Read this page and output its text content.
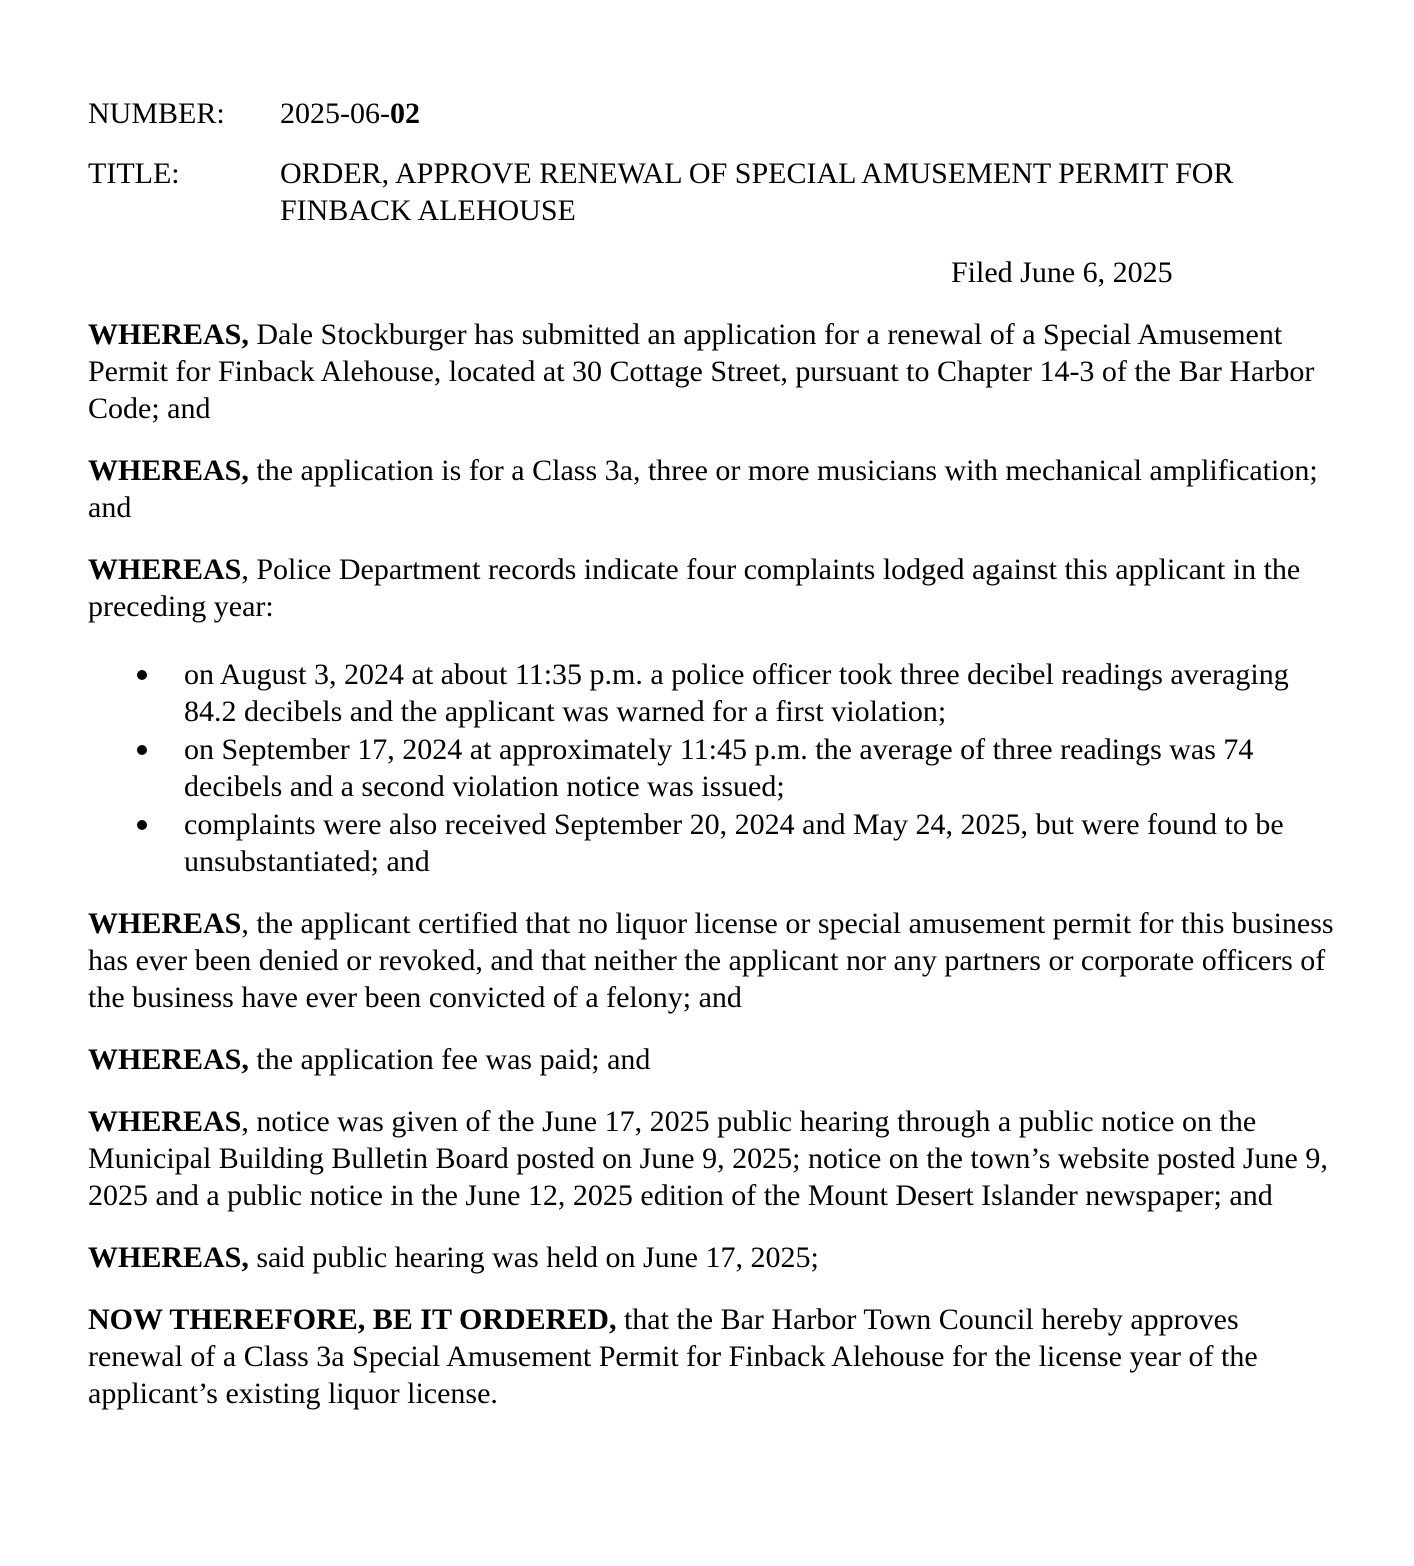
NUMBER:	2025-06-02
TITLE:	ORDER, APPROVE RENEWAL OF SPECIAL AMUSEMENT PERMIT FOR
FINBACK ALEHOUSE
Filed June 6, 2025
WHEREAS, Dale Stockburger has submitted an application for a renewal of a Special Amusement Permit for Finback Alehouse, located at 30 Cottage Street, pursuant to Chapter 14-3 of the Bar Harbor Code; and
WHEREAS, the application is for a Class 3a, three or more musicians with mechanical amplification; and
WHEREAS, Police Department records indicate four complaints lodged against this applicant in the preceding year:
on August 3, 2024 at about 11:35 p.m. a police officer took three decibel readings averaging 84.2 decibels and the applicant was warned for a first violation;
on September 17, 2024 at approximately 11:45 p.m. the average of three readings was 74 decibels and a second violation notice was issued;
complaints were also received September 20, 2024 and May 24, 2025, but were found to be unsubstantiated; and
WHEREAS, the applicant certified that no liquor license or special amusement permit for this business has ever been denied or revoked, and that neither the applicant nor any partners or corporate officers of the business have ever been convicted of a felony; and
WHEREAS, the application fee was paid; and
WHEREAS, notice was given of the June 17, 2025 public hearing through a public notice on the Municipal Building Bulletin Board posted on June 9, 2025; notice on the town’s website posted June 9, 2025 and a public notice in the June 12, 2025 edition of the Mount Desert Islander newspaper; and
WHEREAS, said public hearing was held on June 17, 2025;
NOW THEREFORE, BE IT ORDERED, that the Bar Harbor Town Council hereby approves renewal of a Class 3a Special Amusement Permit for Finback Alehouse for the license year of the applicant’s existing liquor license.
